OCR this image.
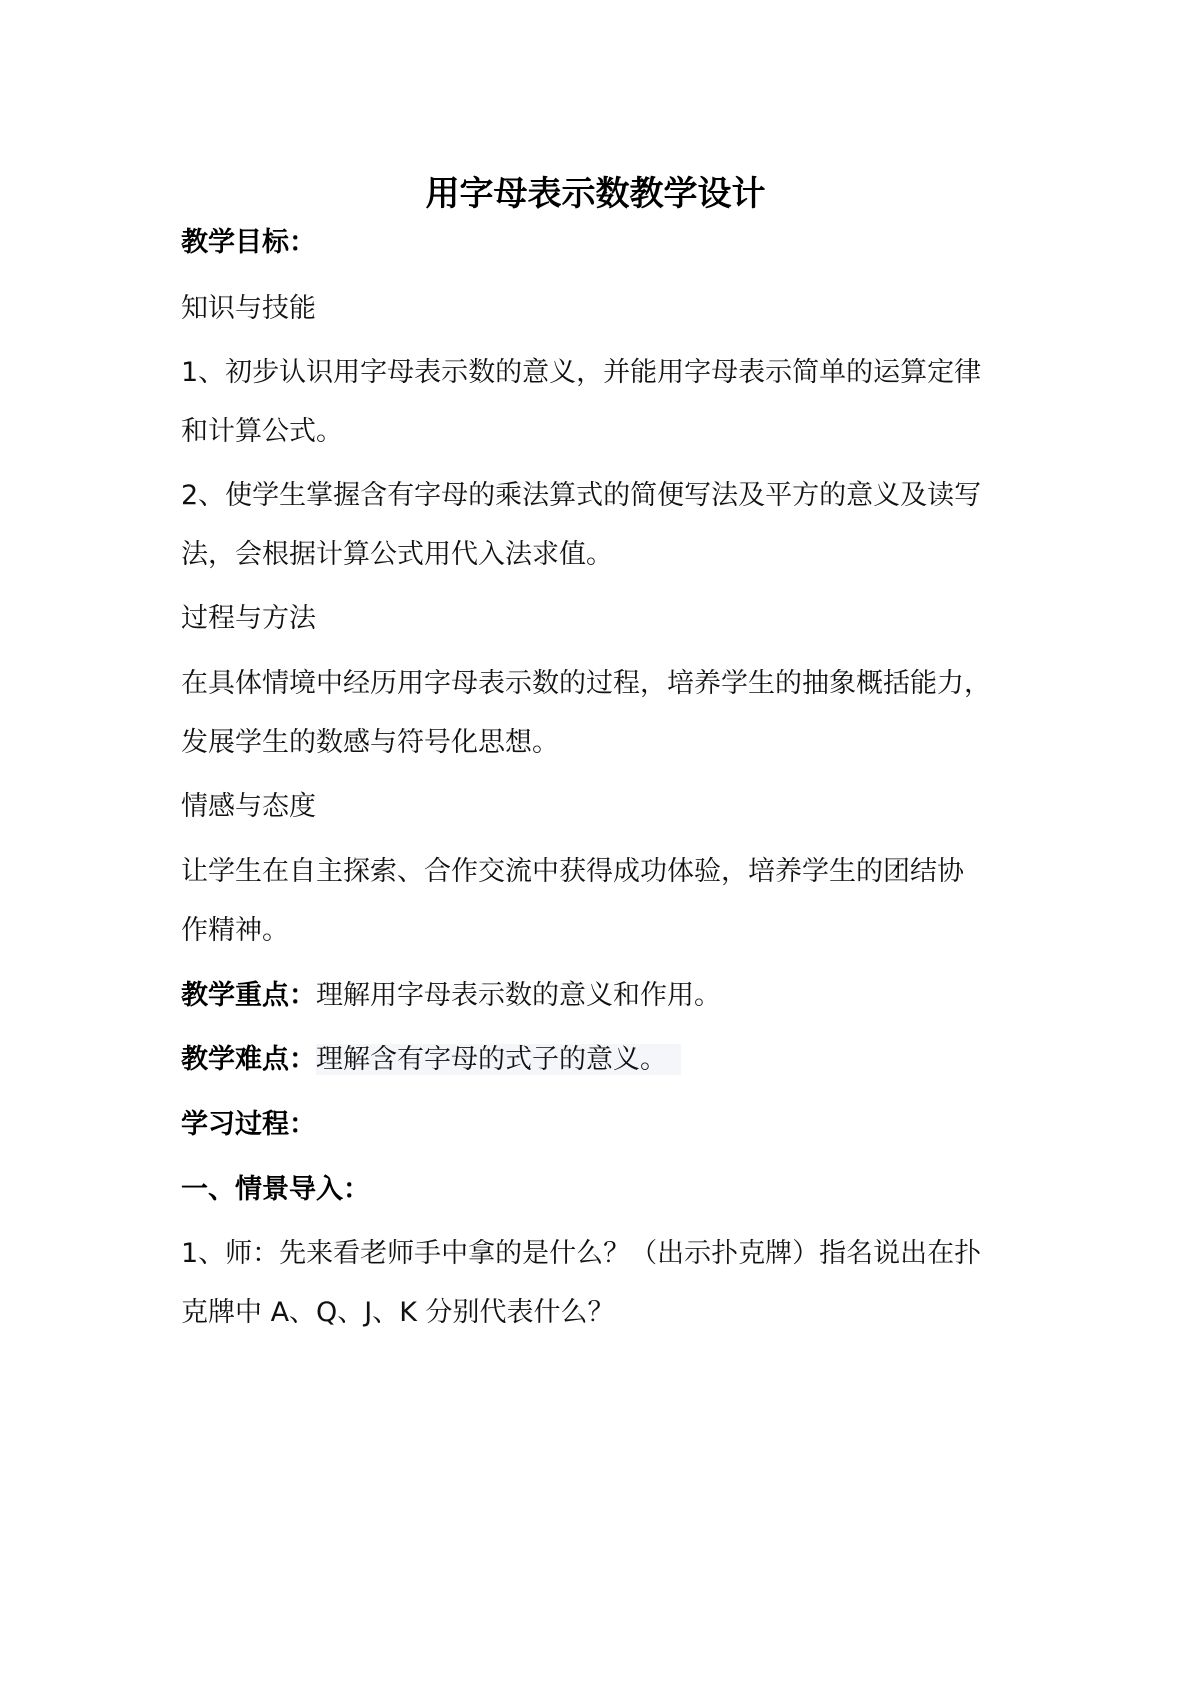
用字母表示数教学设计

教学目标：

知识与技能

1、初步认识用字母表示数的意义，并能用字母表示简单的运算定律

和计算公式。

2、使学生掌握含有字母的乘法算式的简便写法及平方的意义及读写

法，会根据计算公式用代入法求值。

过程与方法

在具体情境中经历用字母表示数的过程，培养学生的抽象概括能力，

发展学生的数感与符号化思想。

情感与态度

让学生在自主探索、合作交流中获得成功体验，培养学生的团结协

作精神。

教学重点：理解用字母表示数的意义和作用。

教学难点：理解含有字母的式子的意义。

学习过程：

一、情景导入：

1、师：先来看老师手中拿的是什么？（出示扑克牌）指名说出在扑

克牌中 A、Q、J、K 分别代表什么？
